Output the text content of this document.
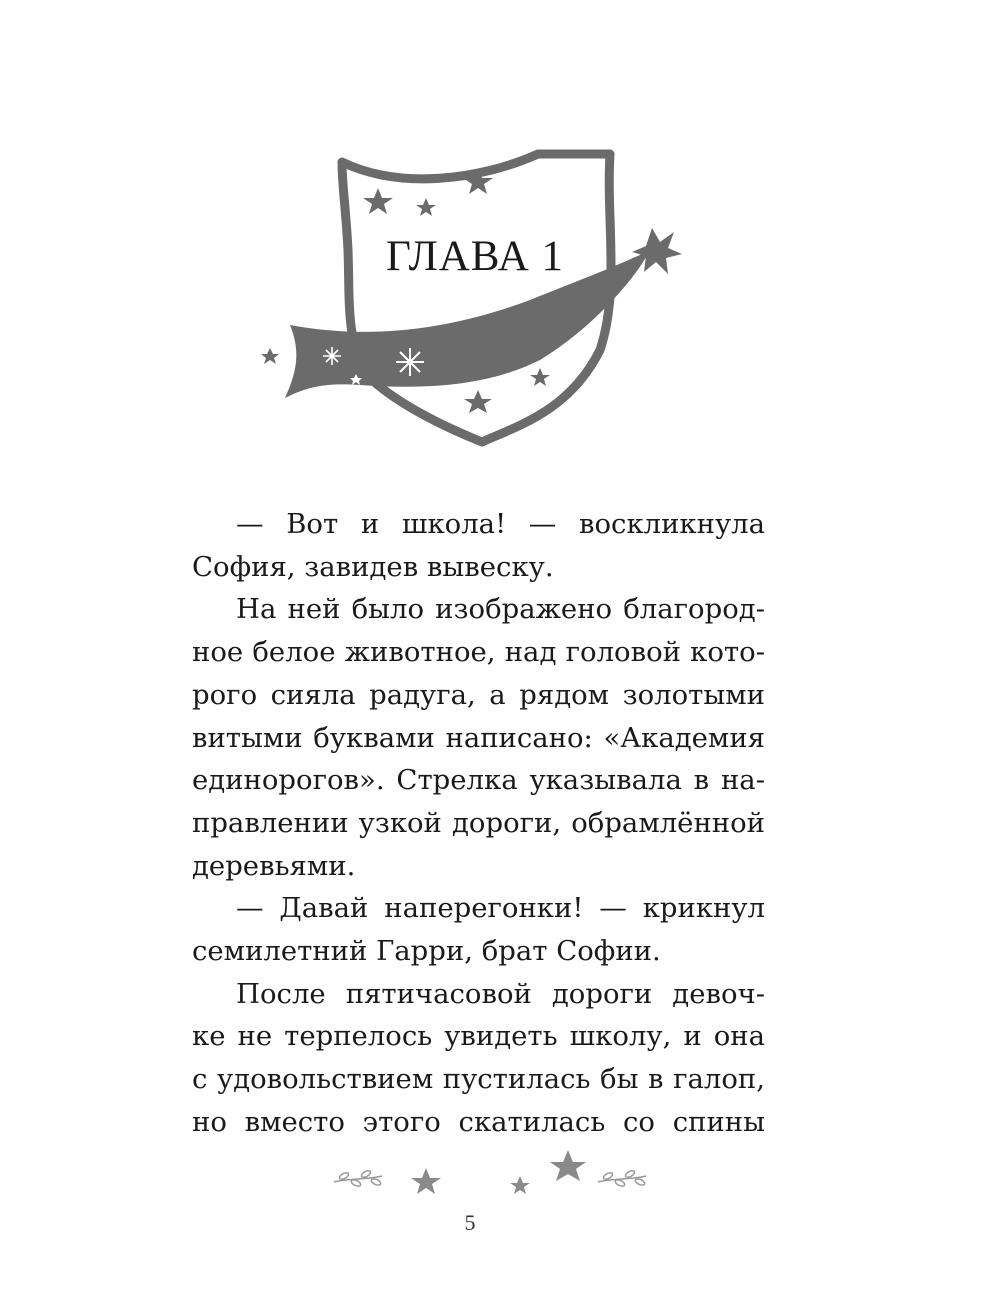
ГЛАВА 1
— Вот и школа! — воскликнула
София, завидев вывеску.
На ней было изображено благород-
ное белое животное, над головой кото-
рого сияла радуга, а рядом золотыми
витыми буквами написано: «Академия
единорогов». Стрелка указывала в на-
правлении узкой дороги, обрамлённой
деревьями.
— Давай наперегонки! — крикнул
семилетний Гарри, брат Софии.
После пятичасовой дороги девоч-
ке не терпелось увидеть школу, и она
с удовольствием пустилась бы в галоп,
но вместо этого скатилась со спины
5
